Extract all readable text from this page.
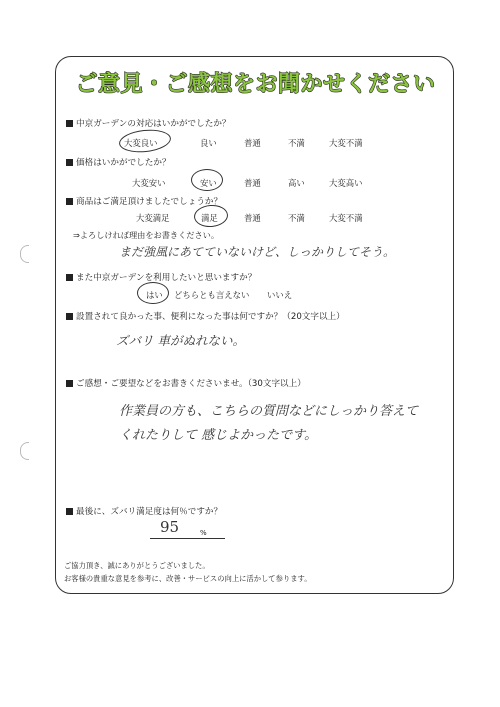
ご意見・ご感想をお聞かせください
中京ガーデンの対応はいかがでしたか？
大変良い	良い	普通	不満	大変不満
価格はいかがでしたか？
大変安い	安い	普通	高い	大変高い
商品はご満足頂けましたでしょうか？
大変満足	満足	普通	不満	大変不満
⇒よろしければ理由をお書きください。
まだ強風にあてていないけど、しっかりしてそう。
また中京ガーデンを利用したいと思いますか？
はい どちらとも言えない いいえ
設置されて良かった事、便利になった事は何ですか？（20文字以上）
ズバリ 車がぬれない。
ご感想・ご要望などをお書きくださいませ。（30文字以上）
作業員の方も、こちらの質問などにしっかり答えて
くれたりして 感じよかったです。
最後に、ズバリ満足度は何％ですか？
95	%
ご協力頂き、誠にありがとうございました。
お客様の貴重な意見を参考に、改善・サービスの向上に活かして参ります。
